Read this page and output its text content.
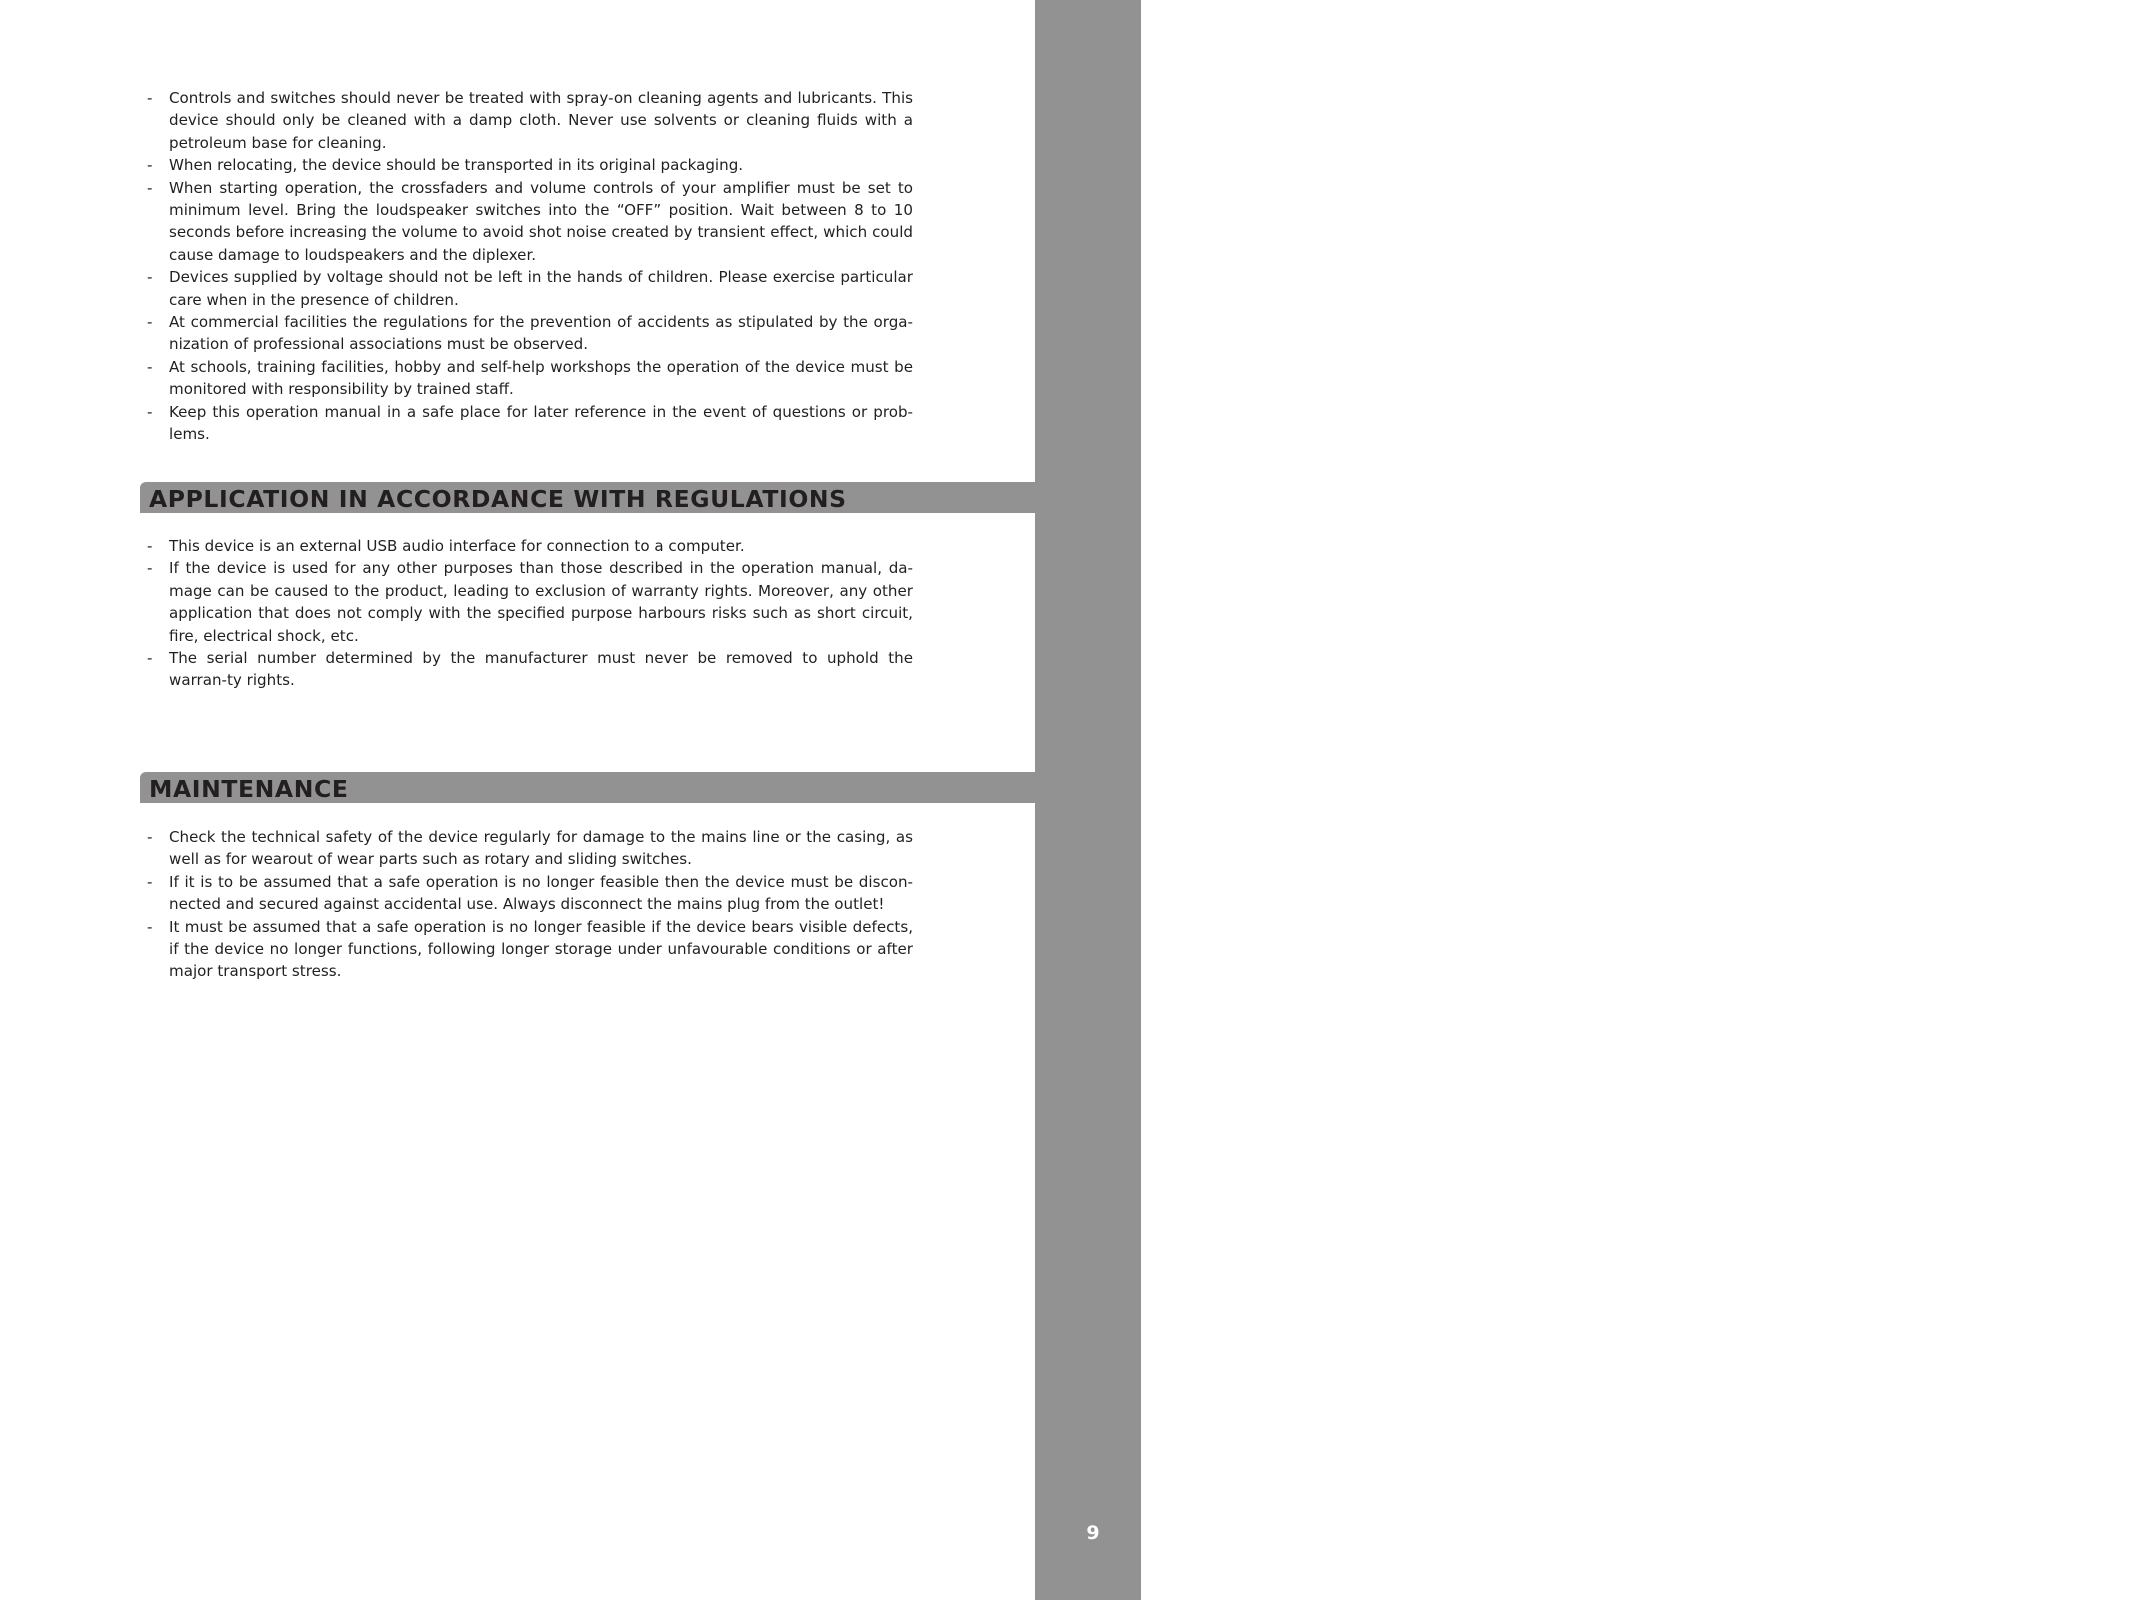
ENGLISH
9
- Controls and switches should never be treated with spray-on cleaning agents and lubricants. This device should only be cleaned with a damp cloth. Never use solvents or cleaning fluids with a petroleum base for cleaning.
- When relocating, the device should be transported in its original packaging.
- When starting operation, the crossfaders and volume controls of your amplifier must be set to minimum level. Bring the loudspeaker switches into the “OFF” position. Wait between 8 to 10 seconds before increasing the volume to avoid shot noise created by transient effect, which could cause damage to loudspeakers and the diplexer.
- Devices supplied by voltage should not be left in the hands of children. Please exercise particular care when in the presence of children.
- At commercial facilities the regulations for the prevention of accidents as stipulated by the orga-nization of professional associations must be observed.
- At schools, training facilities, hobby and self-help workshops the operation of the device must be monitored with responsibility by trained staff.
- Keep this operation manual in a safe place for later reference in the event of questions or prob-lems.
APPLICATION IN ACCORDANCE WITH REGULATIONS
- This device is an external USB audio interface for connection to a computer.
- If the device is used for any other purposes than those described in the operation manual, da-mage can be caused to the product, leading to exclusion of warranty rights. Moreover, any other application that does not comply with the specified purpose harbours risks such as short circuit, fire, electrical shock, etc.
- The serial number determined by the manufacturer must never be removed to uphold the warran-ty rights.
MAINTENANCE
- Check the technical safety of the device regularly for damage to the mains line or the casing, as well as for wearout of wear parts such as rotary and sliding switches.
- If it is to be assumed that a safe operation is no longer feasible then the device must be discon-nected and secured against accidental use. Always disconnect the mains plug from the outlet!
- It must be assumed that a safe operation is no longer feasible if the device bears visible defects, if the device no longer functions, following longer storage under unfavourable conditions or after major transport stress.
